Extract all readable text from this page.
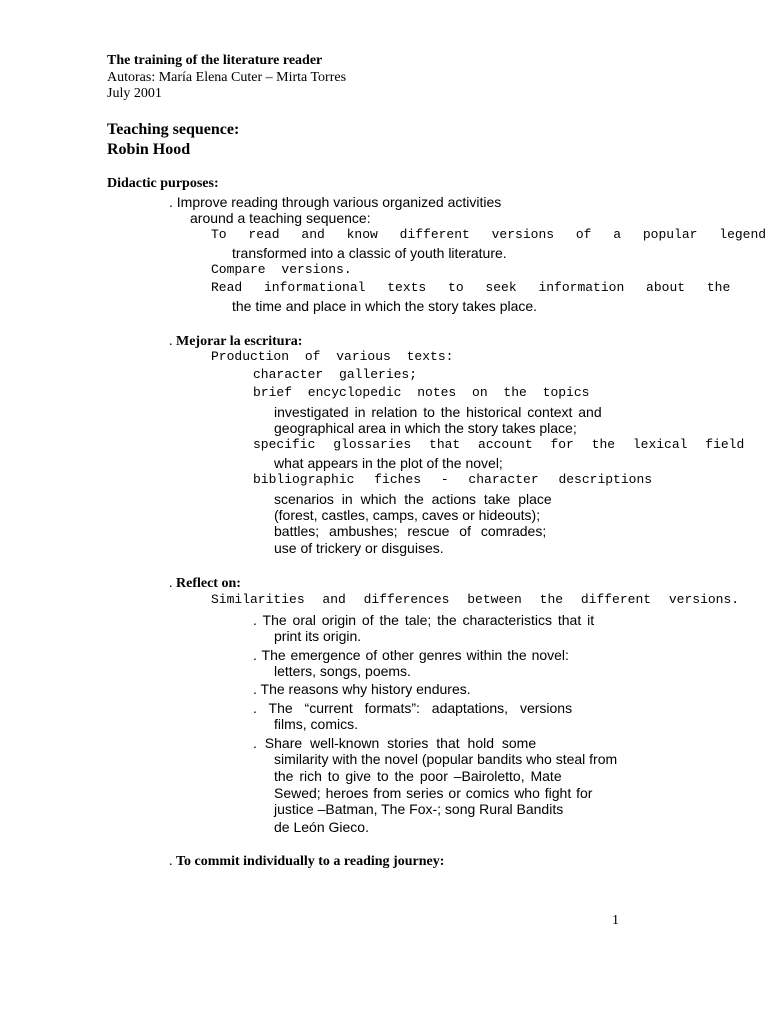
The training of the literature reader
Autoras: María Elena Cuter – Mirta Torres
July 2001
Teaching sequence:
Robin Hood
Didactic purposes:
. Improve reading through various organized activities
around a teaching sequence:
To read and know different versions of a popular legend
transformed into a classic of youth literature.
Compare versions.
Read informational texts to seek information about the
the time and place in which the story takes place.
. Mejorar la escritura:
Production of various texts:
character galleries;
brief encyclopedic notes on the topics
investigated in relation to the historical context and
geographical area in which the story takes place;
specific glossaries that account for the lexical field
what appears in the plot of the novel;
bibliographic fiches - character descriptions
scenarios in which the actions take place
(forest, castles, camps, caves or hideouts);
battles; ambushes; rescue of comrades;
use of trickery or disguises.
. Reflect on:
Similarities and differences between the different versions.
. The oral origin of the tale; the characteristics that it
print its origin.
. The emergence of other genres within the novel:
letters, songs, poems.
. The reasons why history endures.
. The “current formats”: adaptations, versions
films, comics.
. Share well-known stories that hold some
similarity with the novel (popular bandits who steal from
the rich to give to the poor –Bairoletto, Mate
Sewed; heroes from series or comics who fight for
justice –Batman, The Fox-; song Rural Bandits
de León Gieco.
. To commit individually to a reading journey:
1
